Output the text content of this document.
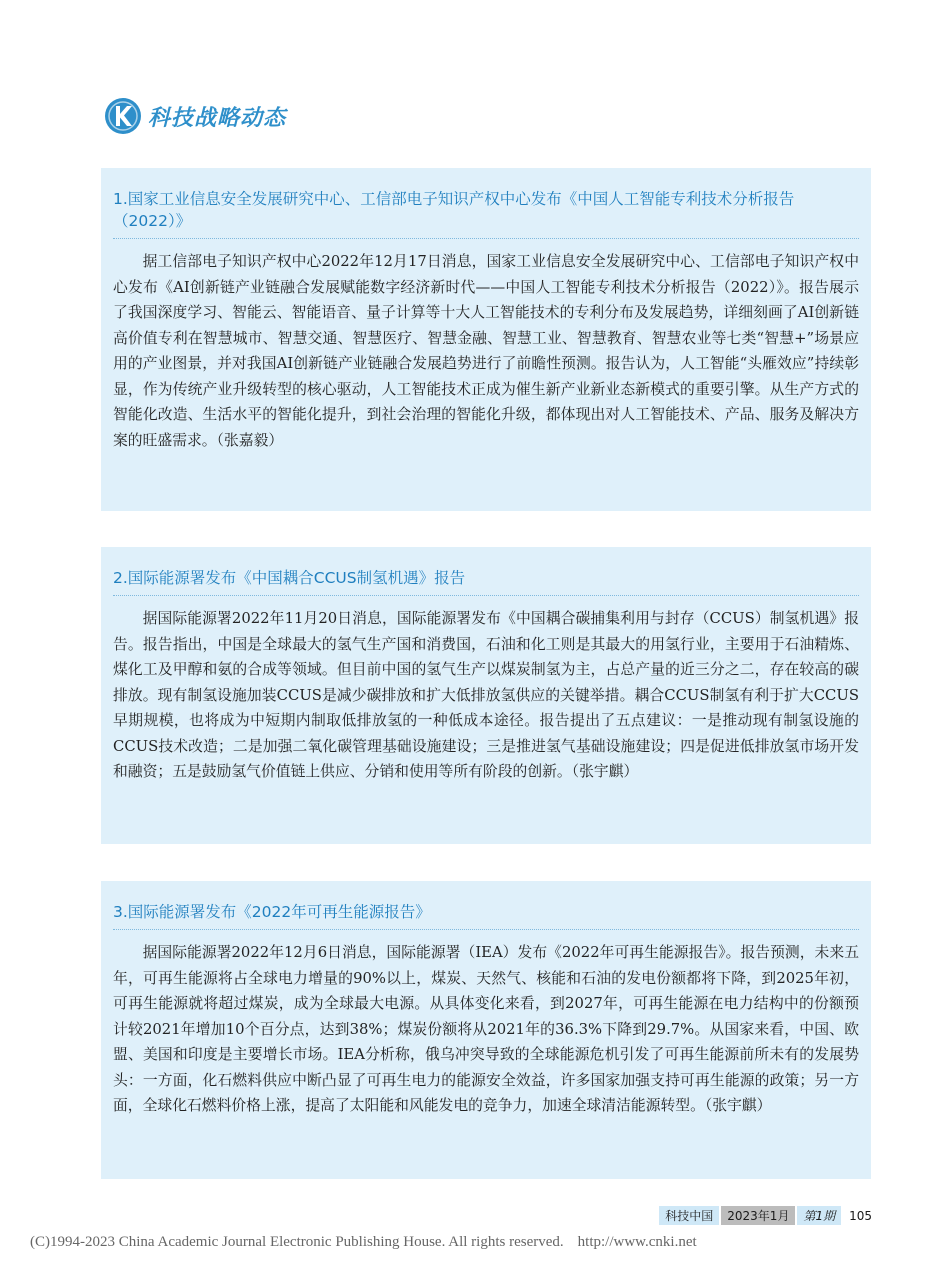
科技战略动态
1.国家工业信息安全发展研究中心、工信部电子知识产权中心发布《中国人工智能专利技术分析报告（2022）》
据工信部电子知识产权中心2022年12月17日消息，国家工业信息安全发展研究中心、工信部电子知识产权中心发布《AI创新链产业链融合发展赋能数字经济新时代——中国人工智能专利技术分析报告（2022）》。报告展示了我国深度学习、智能云、智能语音、量子计算等十大人工智能技术的专利分布及发展趋势，详细刻画了AI创新链高价值专利在智慧城市、智慧交通、智慧医疗、智慧金融、智慧工业、智慧教育、智慧农业等七类“智慧+”场景应用的产业图景，并对我国AI创新链产业链融合发展趋势进行了前瞻性预测。报告认为，人工智能“头雁效应”持续彰显，作为传统产业升级转型的核心驱动，人工智能技术正成为催生新产业新业态新模式的重要引擎。从生产方式的智能化改造、生活水平的智能化提升，到社会治理的智能化升级，都体现出对人工智能技术、产品、服务及解决方案的旺盛需求。（张嘉毅）
2.国际能源署发布《中国耦合CCUS制氢机遇》报告
据国际能源署2022年11月20日消息，国际能源署发布《中国耦合碳捕集利用与封存（CCUS）制氢机遇》报告。报告指出，中国是全球最大的氢气生产国和消费国，石油和化工则是其最大的用氢行业，主要用于石油精炼、煤化工及甲醇和氨的合成等领域。但目前中国的氢气生产以煤炭制氢为主，占总产量的近三分之二，存在较高的碳排放。现有制氢设施加装CCUS是减少碳排放和扩大低排放氢供应的关键举措。耦合CCUS制氢有利于扩大CCUS早期规模，也将成为中短期内制取低排放氢的一种低成本途径。报告提出了五点建议：一是推动现有制氢设施的CCUS技术改造；二是加强二氧化碳管理基础设施建设；三是推进氢气基础设施建设；四是促进低排放氢市场开发和融资；五是鼓励氢气价值链上供应、分销和使用等所有阶段的创新。（张宇麒）
3.国际能源署发布《2022年可再生能源报告》
据国际能源署2022年12月6日消息，国际能源署（IEA）发布《2022年可再生能源报告》。报告预测，未来五年，可再生能源将占全球电力增量的90%以上，煤炭、天然气、核能和石油的发电份额都将下降，到2025年初，可再生能源就将超过煤炭，成为全球最大电源。从具体变化来看，到2027年，可再生能源在电力结构中的份额预计较2021年增加10个百分点，达到38%；煤炭份额将从2021年的36.3%下降到29.7%。从国家来看，中国、欧盟、美国和印度是主要增长市场。IEA分析称，俄乌冲突导致的全球能源危机引发了可再生能源前所未有的发展势头：一方面，化石燃料供应中断凸显了可再生电力的能源安全效益，许多国家加强支持可再生能源的政策；另一方面，全球化石燃料价格上涨，提高了太阳能和风能发电的竞争力，加速全球清洁能源转型。（张宇麒）
科技中国	2023年1月	第1期	105
(C)1994-2023 China Academic Journal Electronic Publishing House. All rights reserved. http://www.cnki.net
